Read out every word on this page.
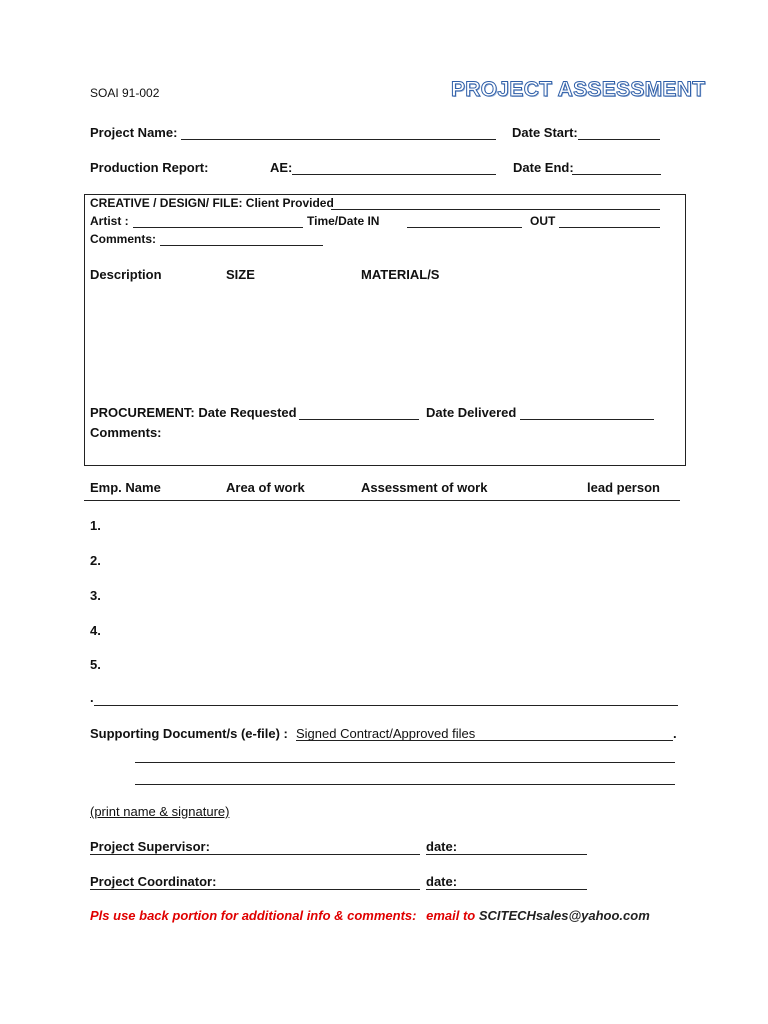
SOAI 91-002	PROJECT ASSESSMENT
Project Name:	Date Start:
Production Report:	AE:	Date End:
CREATIVE / DESIGN/ FILE: Client Provided
Artist :	Time/Date IN	OUT
Comments:
Description	SIZE	MATERIAL/S
PROCUREMENT: Date Requested	Date Delivered
Comments:
Emp. Name	Area of work	Assessment of work	lead person
1.
2.
3.
4.
5.
.
Supporting Document/s (e-file) : Signed Contract/Approved files	.
(print name & signature)
Project Supervisor:	date:
Project Coordinator:	date:
Pls use back portion for additional info & comments: email to SCITECHsales@yahoo.com
